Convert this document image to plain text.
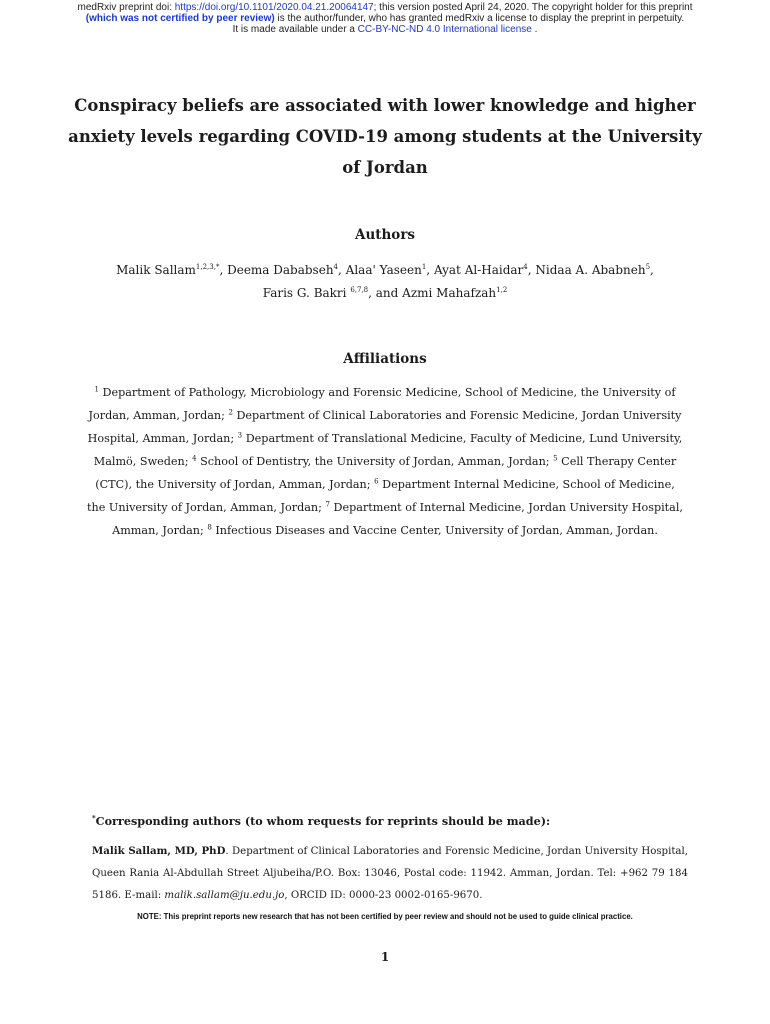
medRxiv preprint doi: https://doi.org/10.1101/2020.04.21.20064147; this version posted April 24, 2020. The copyright holder for this preprint
(which was not certified by peer review) is the author/funder, who has granted medRxiv a license to display the preprint in perpetuity.
It is made available under a CC-BY-NC-ND 4.0 International license .
Conspiracy beliefs are associated with lower knowledge and higher anxiety levels regarding COVID-19 among students at the University of Jordan
Authors
Malik Sallam$^{1,2,3,*}$, Deema Dababseh$^4$, Alaa' Yaseen$^1$, Ayat Al-Haidar$^4$, Nidaa A. Ababneh$^5$,
Faris G. Bakri $^{6,7,8}$, and Azmi Mahafzah$^{1,2}$
Affiliations
$^1$ Department of Pathology, Microbiology and Forensic Medicine, School of Medicine, the University of Jordan, Amman, Jordan; $^2$ Department of Clinical Laboratories and Forensic Medicine, Jordan University Hospital, Amman, Jordan; $^3$ Department of Translational Medicine, Faculty of Medicine, Lund University, Malmö, Sweden; $^4$ School of Dentistry, the University of Jordan, Amman, Jordan; $^5$ Cell Therapy Center (CTC), the University of Jordan, Amman, Jordan; $^6$ Department Internal Medicine, School of Medicine, the University of Jordan, Amman, Jordan; $^7$ Department of Internal Medicine, Jordan University Hospital, Amman, Jordan; $^8$ Infectious Diseases and Vaccine Center, University of Jordan, Amman, Jordan.
*Corresponding authors (to whom requests for reprints should be made):
Malik Sallam, MD, PhD. Department of Clinical Laboratories and Forensic Medicine, Jordan University Hospital, Queen Rania Al-Abdullah Street Aljubeiha/P.O. Box: 13046, Postal code: 11942. Amman, Jordan. Tel: +962 79 184 5186. E-mail: malik.sallam@ju.edu.jo, ORCID ID: 0000-23 0002-0165-9670.
NOTE: This preprint reports new research that has not been certified by peer review and should not be used to guide clinical practice.
1
